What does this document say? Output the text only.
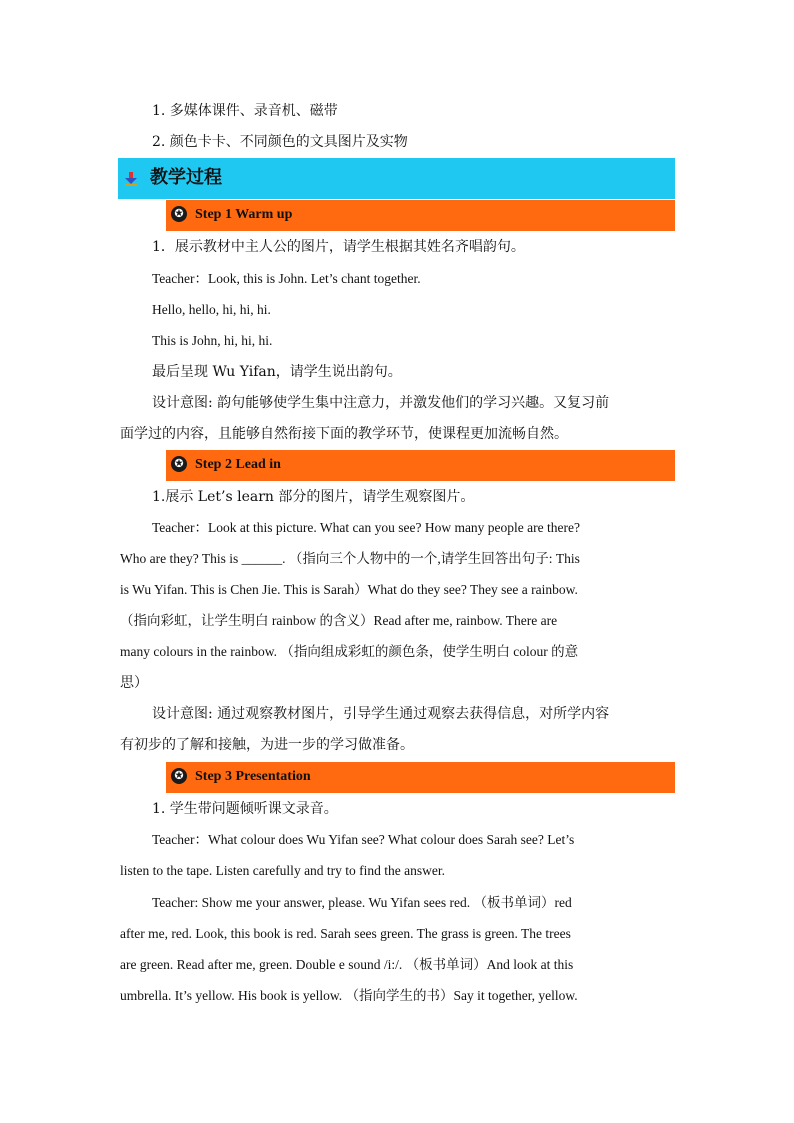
1. 多媒体课件、录音机、磁带
2. 颜色卡卡、不同颜色的文具图片及实物
教学过程
✪ Step 1 Warm up
1．展示教材中主人公的图片，请学生根据其姓名齐唱韵句。
Teacher：Look, this is John. Let’s chant together.
Hello, hello, hi, hi, hi.
This is John, hi, hi, hi.
最后呈现 Wu Yifan，请学生说出韵句。
设计意图: 韵句能够使学生集中注意力，并激发他们的学习兴趣。又复习前
面学过的内容，且能够自然衔接下面的教学环节，使课程更加流畅自然。
✪ Step 2 Lead in
1.展示 Let’s learn 部分的图片，请学生观察图片。
Teacher：Look at this picture. What can you see? How many people are there?
Who are they? This is ______. （指向三个人物中的一个,请学生回答出句子: This
is Wu Yifan. This is Chen Jie. This is Sarah）What do they see? They see a rainbow.
（指向彩虹，让学生明白 rainbow 的含义）Read after me, rainbow. There are
many colours in the rainbow. （指向组成彩虹的颜色条，使学生明白 colour 的意
思）
设计意图: 通过观察教材图片，引导学生通过观察去获得信息，对所学内容
有初步的了解和接触，为进一步的学习做准备。
✪ Step 3 Presentation
1. 学生带问题倾听课文录音。
Teacher：What colour does Wu Yifan see? What colour does Sarah see? Let’s
listen to the tape. Listen carefully and try to find the answer.
Teacher: Show me your answer, please. Wu Yifan sees red. （板书单词）red
after me, red. Look, this book is red. Sarah sees green. The grass is green. The trees
are green. Read after me, green. Double e sound /i:/. （板书单词）And look at this
umbrella. It’s yellow. His book is yellow. （指向学生的书）Say it together, yellow.
